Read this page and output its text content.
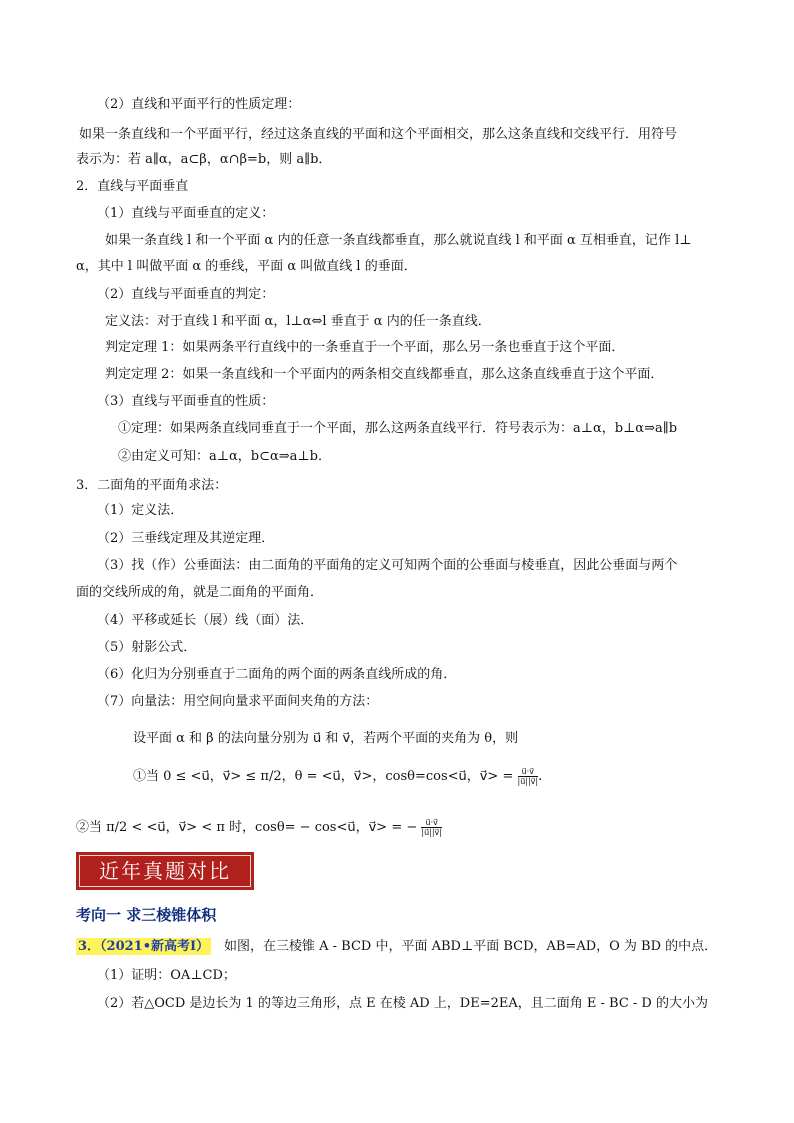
（2）直线和平面平行的性质定理：
如果一条直线和一个平面平行，经过这条直线的平面和这个平面相交，那么这条直线和交线平行．用符号
表示为：若 a∥α，a⊂β，α∩β=b，则 a∥b．
2．直线与平面垂直
（1）直线与平面垂直的定义：
如果一条直线 l 和一个平面 α 内的任意一条直线都垂直，那么就说直线 l 和平面 α 互相垂直，记作 l⊥
α，其中 l 叫做平面 α 的垂线，平面 α 叫做直线 l 的垂面．
（2）直线与平面垂直的判定：
定义法：对于直线 l 和平面 α，l⊥α⇔l 垂直于 α 内的任一条直线．
判定定理 1：如果两条平行直线中的一条垂直于一个平面，那么另一条也垂直于这个平面．
判定定理 2：如果一条直线和一个平面内的两条相交直线都垂直，那么这条直线垂直于这个平面．
（3）直线与平面垂直的性质：
①定理：如果两条直线同垂直于一个平面，那么这两条直线平行．符号表示为：a⊥α，b⊥α⇒a∥b
②由定义可知：a⊥α，b⊂α⇒a⊥b．
3．二面角的平面角求法：
（1）定义法．
（2）三垂线定理及其逆定理．
（3）找（作）公垂面法：由二面角的平面角的定义可知两个面的公垂面与棱垂直，因此公垂面与两个
面的交线所成的角，就是二面角的平面角．
（4）平移或延长（展）线（面）法．
（5）射影公式．
（6）化归为分别垂直于二面角的两个面的两条直线所成的角．
（7）向量法：用空间向量求平面间夹角的方法：
设平面 α 和 β 的法向量分别为 u⃗ 和 v⃗，若两个平面的夹角为 θ，则
①当 0 ≤ <u⃗，v⃗> ≤ π/2，θ = <u⃗，v⃗>，cosθ=cos<u⃗，v⃗> = $\frac{u⃗\cdot v⃗}{|u⃗||v⃗|}$ .
②当 π/2 < <u⃗，v⃗> < π 时，cosθ= − cos<u⃗，v⃗> = − $\frac{u⃗\cdot v⃗}{|u⃗||v⃗|}$
近年真题对比
考向一 求三棱锥体积
3．（2021•新高考Ⅰ） 如图，在三棱锥 A - BCD 中，平面 ABD⊥平面 BCD，AB=AD，O 为 BD 的中点．
（1）证明：OA⊥CD；
（2）若△OCD 是边长为 1 的等边三角形，点 E 在棱 AD 上，DE=2EA，且二面角 E - BC - D 的大小为
